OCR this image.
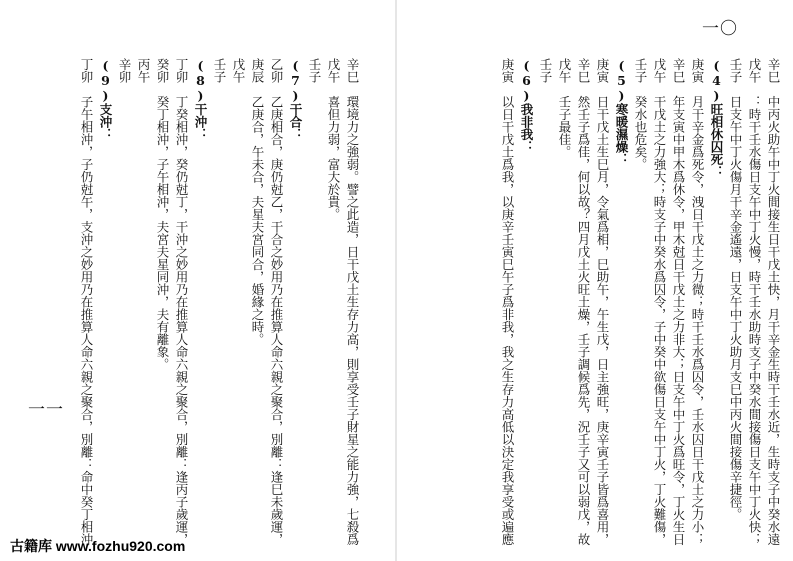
一〇
辛巳　中丙火助午中丁火間接生日干戊土快，月干辛金生時干壬水近，生時支子中癸水遠
戊午　：時干壬水傷日支午中丁火慢，時干壬水助時支子中癸水間接傷日支午中丁火快；
壬子　日支午中丁火傷月干辛金遙遠，日支午中丁火助月支巳中丙火間接傷辛捷徑。
(4)旺相休囚死：
庚寅　月干辛金爲死令，洩日干戊土之力微；時干壬水爲囚令，壬水囚日干戊土之力小；
辛巳　年支寅中甲木爲休令，甲木尅日干戊土之力非大；日支午中丁火爲旺令，丁火生日
戊午　干戊土之力強大；時支子中癸水爲囚令，子中癸中欲傷日支午中丁火，丁火難傷，
壬子　癸水也危矣。
(5)寒暖濕燥：
庚寅　日干戊土生巳月，令氣爲相，巳助午，午生戊，日主強旺，庚辛寅壬子皆爲喜用，
辛巳　然壬子爲佳，何以故？四月戊土火旺土燥，壬子調候爲先，況壬子又可以弱戊，故
戊午　壬子最佳。
壬子　
(6)我非我：
庚寅　以日干戊土爲我，以庚辛壬寅巳午子爲非我，我之生存力高低以決定我享受或遍應
一一	辛巳　環境力之強弱。譬之此造，日干戊土生存力高，則享受壬子財星之能力強，七殺爲
戊午　喜但力弱，富大於貴。
壬子　
(7)干合：
乙卯　乙庚相合，庚仍尅乙，干合之妙用乃在推算人命六親之聚合，別離：逢巳未歲運，
庚辰　乙庚合，午未合，夫星夫宮同合，婚緣之時。
戊午　
壬子　
(8)干沖：
丁卯　丁癸相沖，癸仍尅丁，干沖之妙用乃在推算人命六親之聚合，別離：逢丙子歲運，
癸卯　癸丁相沖，子午相沖，夫宮夫星同沖，夫有離象。
丙午　
辛卯　
(9)支沖：
丁卯　子午相沖，子仍尅午，支沖之妙用乃在推算人命六親之聚合，別離：命中癸丁相沖
古籍库 www.fozhu920.com
